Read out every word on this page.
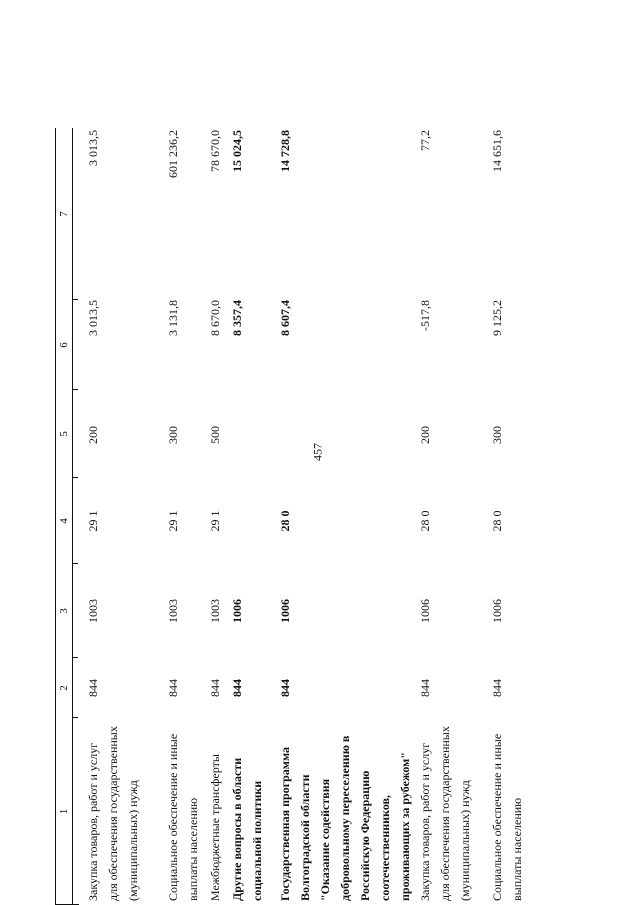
457
1
2
3
4
5
6
7
Закупка товаров, работ и услуг для обеспечения государственных (муниципальных) нужд
844
1003
29 1
200
3 013,5
3 013,5
Социальное обеспечение и иные выплаты населению
844
1003
29 1
300
3 131,8
601 236,2
Межбюджетные трансферты
844
1003
29 1
500
8 670,0
78 670,0
Другие вопросы в области социальной политики
844
1006
8 357,4
15 024,5
Государственная программа Волгоградской области "Оказание содействия добровольному переселению в Российскую Федерацию соотечественников, проживающих за рубежом"
844
1006
28 0
8 607,4
14 728,8
Закупка товаров, работ и услуг для обеспечения государственных (муниципальных) нужд
844
1006
28 0
200
-517,8
77,2
Социальное обеспечение и иные выплаты населению
844
1006
28 0
300
9 125,2
14 651,6
